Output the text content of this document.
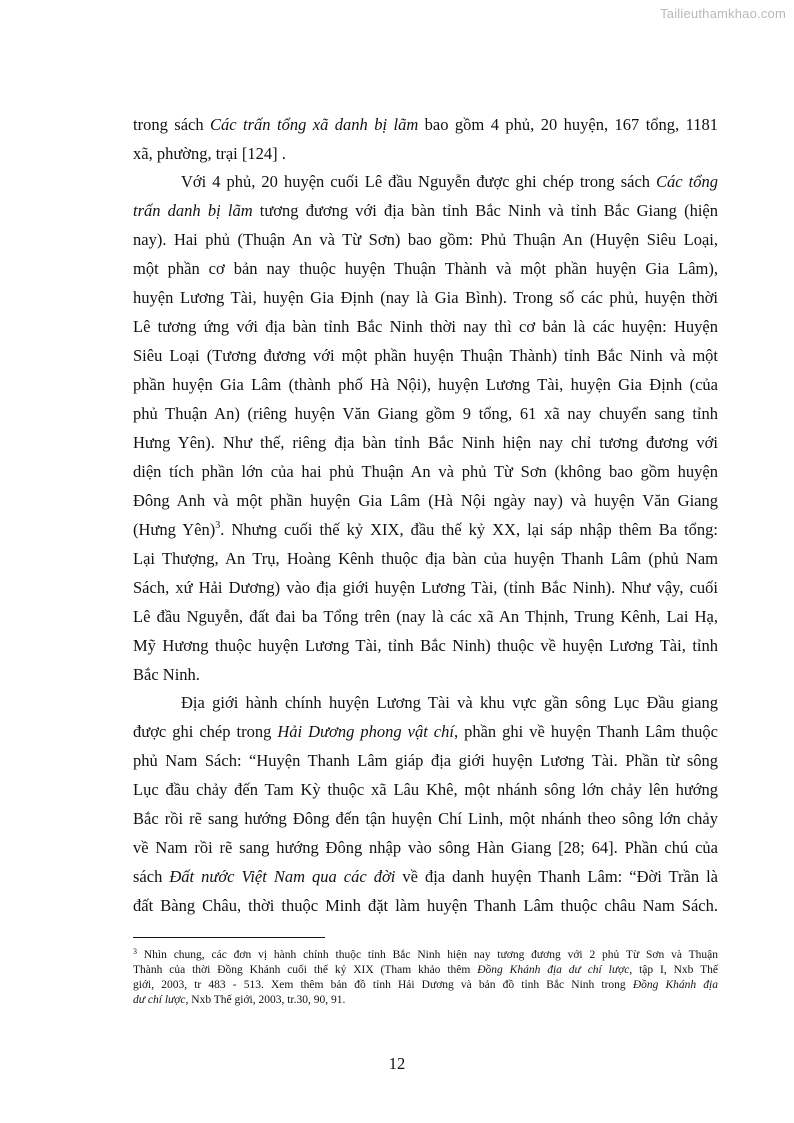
Tailieuthamkhao.com
trong sách Các trấn tổng xã danh bị lãm bao gồm 4 phủ, 20 huyện, 167 tổng, 1181
xã, phường, trại [124] .
Với 4 phủ, 20 huyện cuối Lê đầu Nguyễn được ghi chép trong sách Các tổng
trấn danh bị lãm tương đương với địa bàn tỉnh Bắc Ninh và tỉnh Bắc Giang (hiện
nay). Hai phủ (Thuận An và Từ Sơn) bao gồm: Phủ Thuận An (Huyện Siêu Loại,
một phần cơ bản nay thuộc huyện Thuận Thành và một phần huyện Gia Lâm),
huyện Lương Tài, huyện Gia Định (nay là Gia Bình). Trong số các phủ, huyện thời
Lê tương ứng với địa bàn tỉnh Bắc Ninh thời nay thì cơ bản là các huyện: Huyện
Siêu Loại (Tương đương với một phần huyện Thuận Thành) tỉnh Bắc Ninh và một
phần huyện Gia Lâm (thành phố Hà Nội), huyện Lương Tài, huyện Gia Định (của
phủ Thuận An) (riêng huyện Văn Giang gồm 9 tổng, 61 xã nay chuyển sang tỉnh
Hưng Yên). Như thế, riêng địa bàn tỉnh Bắc Ninh hiện nay chỉ tương đương với
diện tích phần lớn của hai phủ Thuận An và phủ Từ Sơn (không bao gồm huyện
Đông Anh và một phần huyện Gia Lâm (Hà Nội ngày nay) và huyện Văn Giang
(Hưng Yên)$^3$. Nhưng cuối thế kỷ XIX, đầu thế kỷ XX, lại sáp nhập thêm Ba tổng:
Lại Thượng, An Trụ, Hoàng Kênh thuộc địa bàn của huyện Thanh Lâm (phủ Nam
Sách, xứ Hải Dương) vào địa giới huyện Lương Tài, (tỉnh Bắc Ninh). Như vậy, cuối
Lê đầu Nguyễn, đất đai ba Tổng trên (nay là các xã An Thịnh, Trung Kênh, Lai Hạ,
Mỹ Hương thuộc huyện Lương Tài, tỉnh Bắc Ninh) thuộc về huyện Lương Tài, tỉnh
Bắc Ninh.
Địa giới hành chính huyện Lương Tài và khu vực gần sông Lục Đầu giang
được ghi chép trong Hải Dương phong vật chí, phần ghi về huyện Thanh Lâm thuộc
phủ Nam Sách: “Huyện Thanh Lâm giáp địa giới huyện Lương Tài. Phần từ sông
Lục đầu chảy đến Tam Kỳ thuộc xã Lâu Khê, một nhánh sông lớn chảy lên hướng
Bắc rồi rẽ sang hướng Đông đến tận huyện Chí Linh, một nhánh theo sông lớn chảy
về Nam rồi rẽ sang hướng Đông nhập vào sông Hàn Giang [28; 64]. Phần chú của
sách Đất nước Việt Nam qua các đời về địa danh huyện Thanh Lâm: “Đời Trần là
đất Bàng Châu, thời thuộc Minh đặt làm huyện Thanh Lâm thuộc châu Nam Sách.
$^3$ Nhìn chung, các đơn vị hành chính thuộc tỉnh Bắc Ninh hiện nay tương đương với 2 phủ Từ Sơn và Thuận
Thành của thời Đồng Khánh cuối thế kỷ XIX (Tham khảo thêm Đồng Khánh địa dư chí lược, tập I, Nxb Thế
giới, 2003, tr 483 - 513. Xem thêm bản đồ tỉnh Hải Dương và bản đồ tỉnh Bắc Ninh trong Đồng Khánh địa
dư chí lược, Nxb Thế giới, 2003, tr.30, 90, 91.
12
